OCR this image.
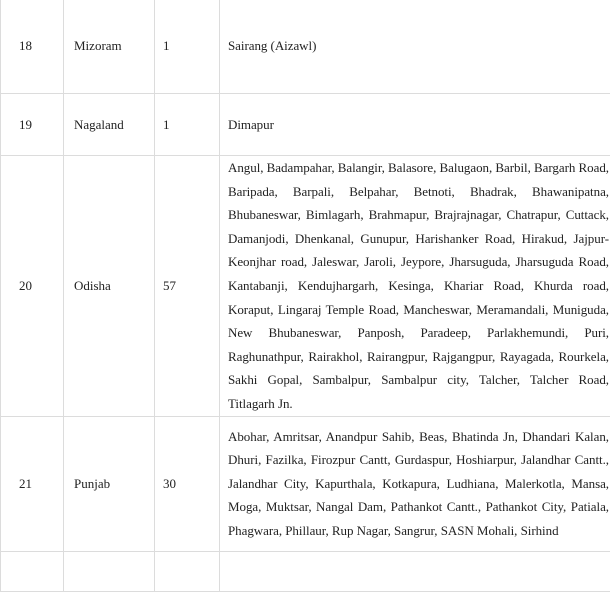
18	Mizoram	1	Sairang (Aizawl)

19	Nagaland	1	Dimapur

20	Odisha	57	Angul, Badampahar, Balangir, Balasore, Balugaon, Barbil, Bargarh Road, Baripada, Barpali, Belpahar, Betnoti, Bhadrak, Bhawanipatna, Bhubaneswar, Bimlagarh, Brahmapur, Brajrajnagar, Chatrapur, Cuttack, Damanjodi, Dhenkanal, Gunupur, Harishanker Road, Hirakud, Jajpur-Keonjhar road, Jaleswar, Jaroli, Jeypore, Jharsuguda, Jharsuguda Road, Kantabanji, Kendujhargarh, Kesinga, Khariar Road, Khurda road, Koraput, Lingaraj Temple Road, Mancheswar, Meramandali, Muniguda, New Bhubaneswar, Panposh, Paradeep, Parlakhemundi, Puri, Raghunathpur, Rairakhol, Rairangpur, Rajgangpur, Rayagada, Rourkela, Sakhi Gopal, Sambalpur, Sambalpur city, Talcher, Talcher Road, Titlagarh Jn.

21	Punjab	30	Abohar, Amritsar, Anandpur Sahib, Beas, Bhatinda Jn, Dhandari Kalan, Dhuri, Fazilka, Firozpur Cantt, Gurdaspur, Hoshiarpur, Jalandhar Cantt., Jalandhar City, Kapurthala, Kotkapura, Ludhiana, Malerkotla, Mansa, Moga, Muktsar, Nangal Dam, Pathankot Cantt., Pathankot City, Patiala, Phagwara, Phillaur, Rup Nagar, Sangrur, SASN Mohali, Sirhind
